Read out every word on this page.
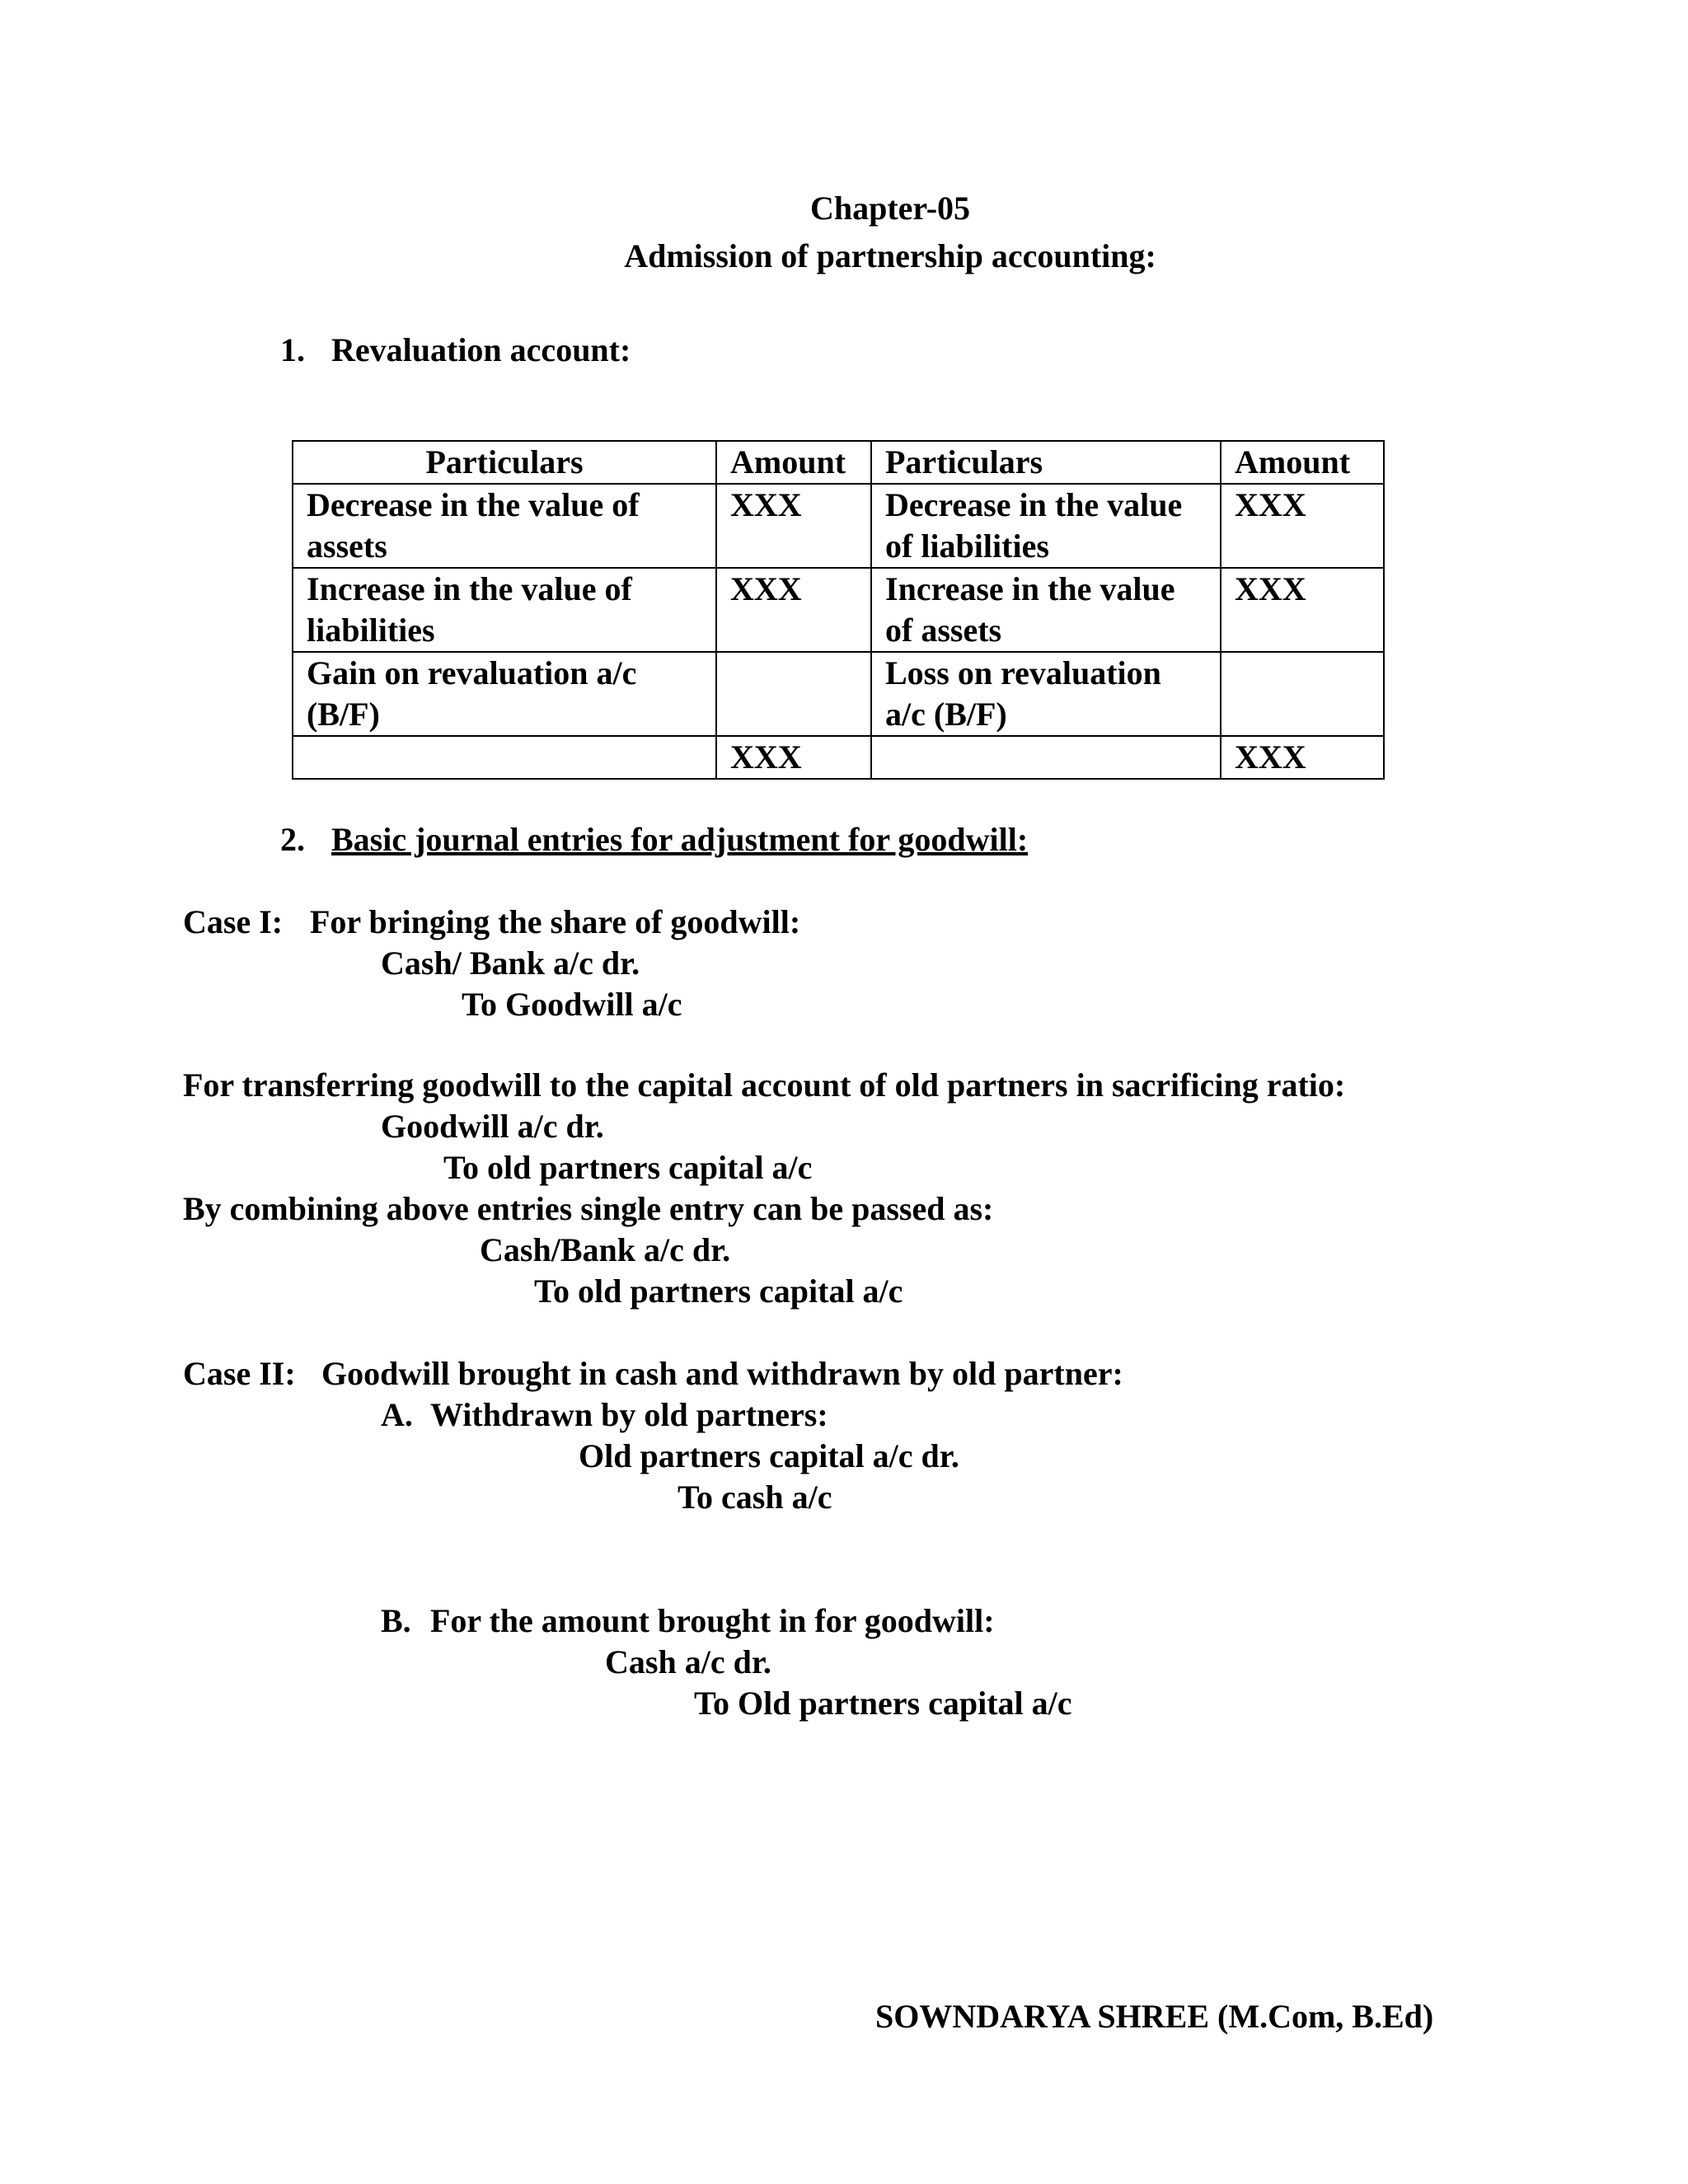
Chapter-05
Admission of partnership accounting:
1. Revaluation account:
Particulars	Amount	Particulars	Amount
Decrease in the value of assets	XXX	Decrease in the value of liabilities	XXX
Increase in the value of liabilities	XXX	Increase in the value of assets	XXX
Gain on revaluation a/c (B/F)		Loss on revaluation a/c (B/F)	
	XXX		XXX
2. Basic journal entries for adjustment for goodwill:
Case I: For bringing the share of goodwill:
Cash/ Bank a/c dr.
To Goodwill a/c
For transferring goodwill to the capital account of old partners in sacrificing ratio:
Goodwill a/c dr.
To old partners capital a/c
By combining above entries single entry can be passed as:
Cash/Bank a/c dr.
To old partners capital a/c
Case II: Goodwill brought in cash and withdrawn by old partner:
A. Withdrawn by old partners:
Old partners capital a/c dr.
To cash a/c
B. For the amount brought in for goodwill:
Cash a/c dr.
To Old partners capital a/c
SOWNDARYA SHREE (M.Com, B.Ed)
